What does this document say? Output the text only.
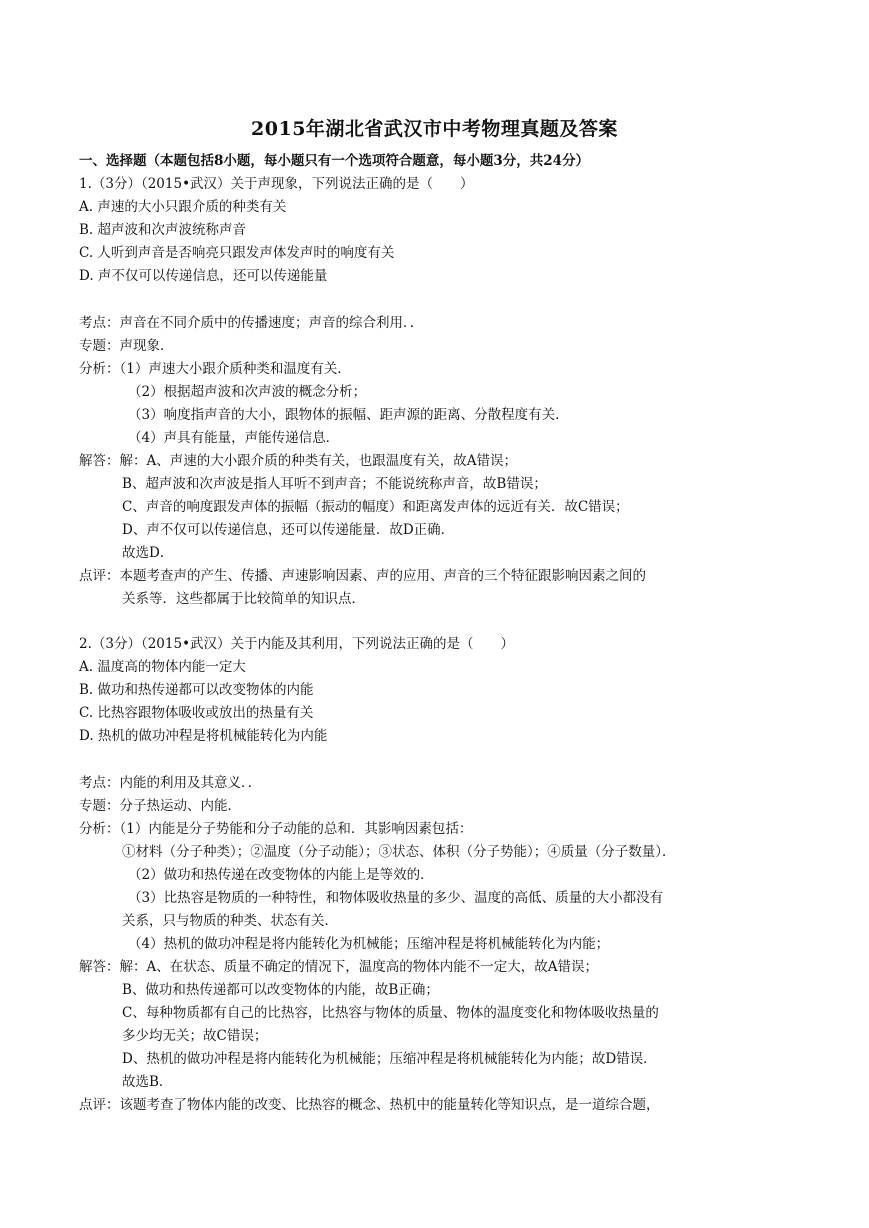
2015年湖北省武汉市中考物理真题及答案
一、选择题（本题包括8小题，每小题只有一个选项符合题意，每小题3分，共24分）
1.（3分）（2015•武汉）关于声现象，下列说法正确的是（　　）
A. 声速的大小只跟介质的种类有关
B. 超声波和次声波统称声音
C. 人听到声音是否响亮只跟发声体发声时的响度有关
D. 声不仅可以传递信息，还可以传递能量
考点：声音在不同介质中的传播速度；声音的综合利用．．
专题：声现象．
分析：（1）声速大小跟介质种类和温度有关．
（2）根据超声波和次声波的概念分析；
（3）响度指声音的大小，跟物体的振幅、距声源的距离、分散程度有关．
（4）声具有能量，声能传递信息．
解答：解：A、声速的大小跟介质的种类有关，也跟温度有关，故A错误；
B、超声波和次声波是指人耳听不到声音；不能说统称声音，故B错误；
C、声音的响度跟发声体的振幅（振动的幅度）和距离发声体的远近有关．故C错误；
D、声不仅可以传递信息，还可以传递能量．故D正确．
故选D．
点评：本题考查声的产生、传播、声速影响因素、声的应用、声音的三个特征跟影响因素之间的
关系等．这些都属于比较简单的知识点．
2.（3分）（2015•武汉）关于内能及其利用，下列说法正确的是（　　）
A. 温度高的物体内能一定大
B. 做功和热传递都可以改变物体的内能
C. 比热容跟物体吸收或放出的热量有关
D. 热机的做功冲程是将机械能转化为内能
考点：内能的利用及其意义．．
专题：分子热运动、内能．
分析：（1）内能是分子势能和分子动能的总和．其影响因素包括：
①材料（分子种类）；②温度（分子动能）；③状态、体积（分子势能）；④质量（分子数量）．
（2）做功和热传递在改变物体的内能上是等效的．
（3）比热容是物质的一种特性，和物体吸收热量的多少、温度的高低、质量的大小都没有
关系，只与物质的种类、状态有关．
（4）热机的做功冲程是将内能转化为机械能；压缩冲程是将机械能转化为内能；
解答：解：A、在状态、质量不确定的情况下，温度高的物体内能不一定大，故A错误；
B、做功和热传递都可以改变物体的内能，故B正确；
C、每种物质都有自己的比热容，比热容与物体的质量、物体的温度变化和物体吸收热量的
多少均无关；故C错误；
D、热机的做功冲程是将内能转化为机械能；压缩冲程是将机械能转化为内能；故D错误．
故选B．
点评：该题考查了物体内能的改变、比热容的概念、热机中的能量转化等知识点，是一道综合题，
